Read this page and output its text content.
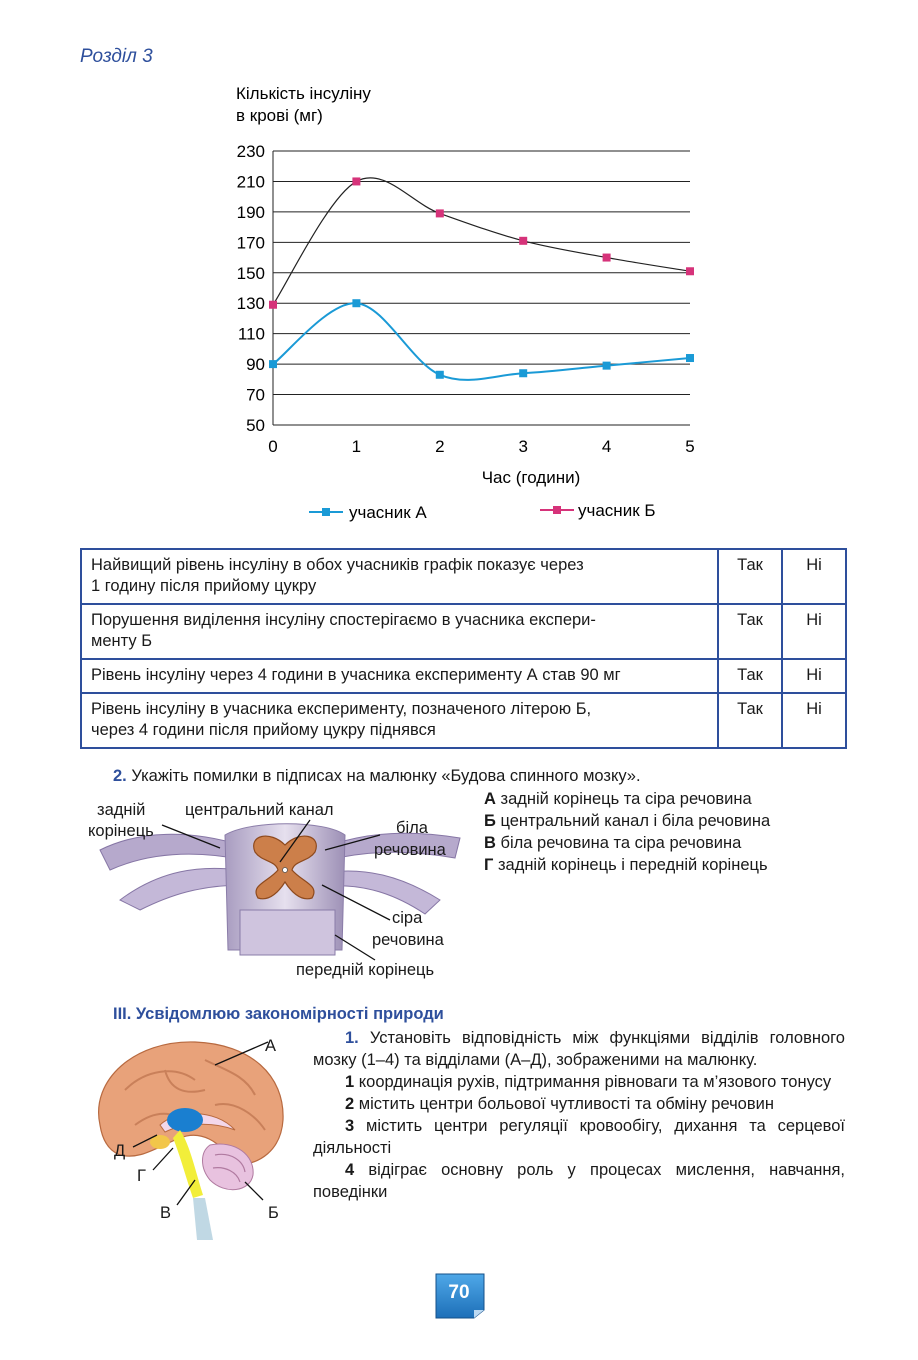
Розділ 3
Кількість інсуліну
в крові (мг)
50
70
90
110
130
150
170
190
210
230
0	1	2	3	4	5
Час (години)
учасник А	учасник Б
Найвищий рівень інсуліну в обох учасників графік показує через
1 годину після прийому цукру	Так	Ні
Порушення виділення інсуліну спостерігаємо в учасника експери-
менту Б	Так	Ні
Рівень інсуліну через 4 години в учасника експерименту А став 90 мг	Так	Ні
Рівень інсуліну в учасника експерименту, позначеного літерою Б,
через 4 години після прийому цукру піднявся	Так	Ні
2. Укажіть помилки в підписах на малюнку «Будова спинного мозку».
задній
корінець
центральний канал
біла
речовина
сіра
речовина
передній корінець
А задній корінець та сіра речовина
Б центральний канал і біла речовина
В біла речовина та сіра речовина
Г задній корінець і передній корінець
ІІІ. Усвідомлюю закономірності природи
А
Д
Г
В	Б

1. Установіть відповідність між функціями відділів головного мозку (1–4) та відділами (А–Д), зображеними на малюнку.

1 координація рухів, підтримання рівноваги та м’язового тонусу

2 містить центри больової чутливості та обміну речовин

3 містить центри регуляції кровообігу, дихання та серцевої діяльності

4 відіграє основну роль у процесах мислення, навчання, поведінки

70
